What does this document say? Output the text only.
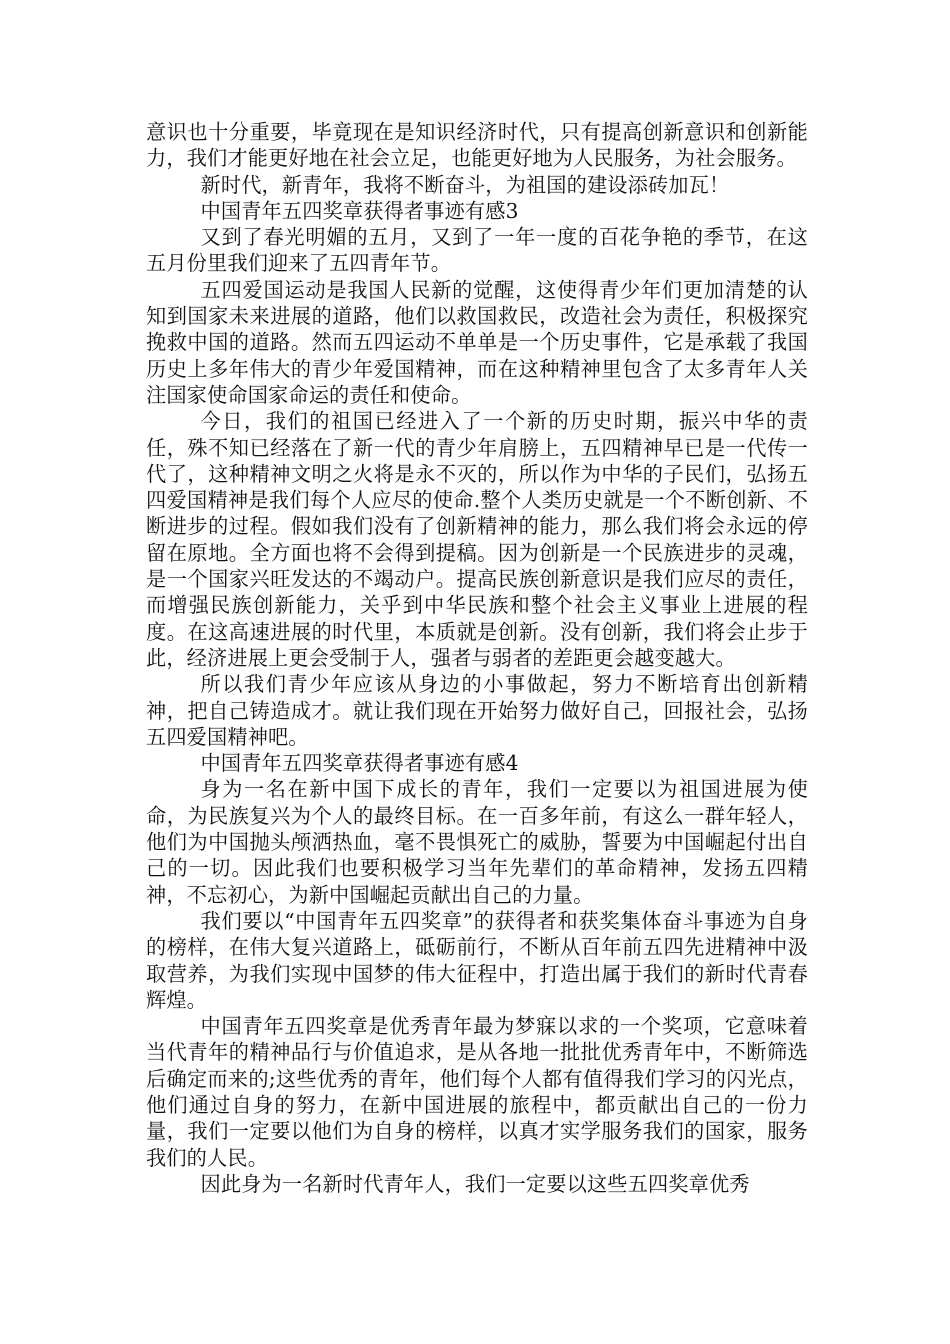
意识也十分重要，毕竟现在是知识经济时代，只有提高创新意识和创新能力，我们才能更好地在社会立足，也能更好地为人民服务，为社会服务。

新时代，新青年，我将不断奋斗，为祖国的建设添砖加瓦！

中国青年五四奖章获得者事迹有感3

又到了春光明媚的五月，又到了一年一度的百花争艳的季节，在这五月份里我们迎来了五四青年节。

五四爱国运动是我国人民新的觉醒，这使得青少年们更加清楚的认知到国家未来进展的道路，他们以救国救民，改造社会为责任，积极探究挽救中国的道路。然而五四运动不单单是一个历史事件，它是承载了我国历史上多年伟大的青少年爱国精神，而在这种精神里包含了太多青年人关注国家使命国家命运的责任和使命。

今日，我们的祖国已经进入了一个新的历史时期，振兴中华的责任，殊不知已经落在了新一代的青少年肩膀上，五四精神早已是一代传一代了，这种精神文明之火将是永不灭的，所以作为中华的子民们，弘扬五四爱国精神是我们每个人应尽的使命.整个人类历史就是一个不断创新、不断进步的过程。假如我们没有了创新精神的能力，那么我们将会永远的停留在原地。全方面也将不会得到提稿。因为创新是一个民族进步的灵魂，是一个国家兴旺发达的不竭动户。提高民族创新意识是我们应尽的责任，而增强民族创新能力，关乎到中华民族和整个社会主义事业上进展的程度。在这高速进展的时代里，本质就是创新。没有创新，我们将会止步于此，经济进展上更会受制于人，强者与弱者的差距更会越变越大。

所以我们青少年应该从身边的小事做起，努力不断培育出创新精神，把自己铸造成才。就让我们现在开始努力做好自己，回报社会，弘扬五四爱国精神吧。

中国青年五四奖章获得者事迹有感4

身为一名在新中国下成长的青年，我们一定要以为祖国进展为使命，为民族复兴为个人的最终目标。在一百多年前，有这么一群年轻人，他们为中国抛头颅洒热血，毫不畏惧死亡的威胁，誓要为中国崛起付出自己的一切。因此我们也要积极学习当年先辈们的革命精神，发扬五四精神，不忘初心，为新中国崛起贡献出自己的力量。

我们要以“中国青年五四奖章”的获得者和获奖集体奋斗事迹为自身的榜样，在伟大复兴道路上，砥砺前行，不断从百年前五四先进精神中汲取营养，为我们实现中国梦的伟大征程中，打造出属于我们的新时代青春辉煌。

中国青年五四奖章是优秀青年最为梦寐以求的一个奖项，它意味着当代青年的精神品行与价值追求，是从各地一批批优秀青年中，不断筛选后确定而来的;这些优秀的青年，他们每个人都有值得我们学习的闪光点，他们通过自身的努力，在新中国进展的旅程中，都贡献出自己的一份力量，我们一定要以他们为自身的榜样，以真才实学服务我们的国家，服务我们的人民。

因此身为一名新时代青年人，我们一定要以这些五四奖章优秀
